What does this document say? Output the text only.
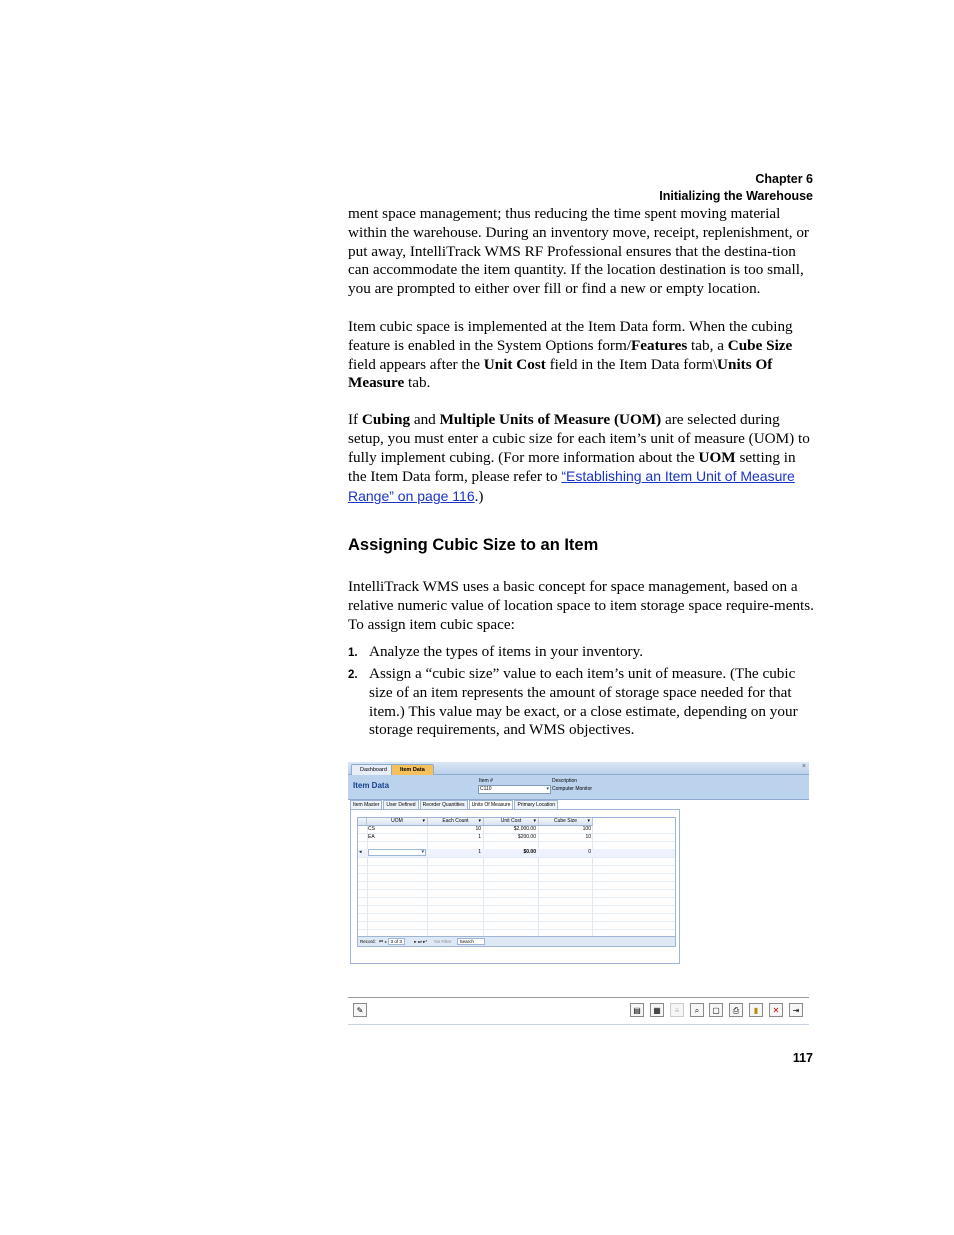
Chapter 6
Initializing the Warehouse
ment space management; thus reducing the time spent moving material within the warehouse. During an inventory move, receipt, replenishment, or put away, IntelliTrack WMS RF Professional ensures that the destina-tion can accommodate the item quantity. If the location destination is too small, you are prompted to either over fill or find a new or empty location.
Item cubic space is implemented at the Item Data form. When the cubing feature is enabled in the System Options form/Features tab, a Cube Size field appears after the Unit Cost field in the Item Data form\Units Of Measure tab.
If Cubing and Multiple Units of Measure (UOM) are selected during setup, you must enter a cubic size for each item’s unit of measure (UOM) to fully implement cubing. (For more information about the UOM setting in the Item Data form, please refer to “Establishing an Item Unit of Measure Range” on page 116.)
Assigning Cubic Size to an Item
IntelliTrack WMS uses a basic concept for space management, based on a relative numeric value of location space to item storage space require-ments. To assign item cubic space:
1. Analyze the types of items in your inventory.
2. Assign a “cubic size” value to each item’s unit of measure. (The cubic size of an item represents the amount of storage space needed for that item.) This value may be exact, or a close estimate, depending on your storage requirements, and WMS objectives.
Dashboard	Item Data	×
Item Data	Item #
C110	▾
Description
Computer Monitor
Item Master	User Defined	Reorder Quantities	Units Of Measure	Primary Location
UOM	▾	Each Count ▾	Unit Cost ▾	Cube Size ▾
CS	10	$2,000.00	100
EA	1	$200.00	10
◂	▾	1	$0.00	0
Record: ⏮ ◂ 3 of 3	▸ ⏭ ▸* No Filter Search
✎	▤	▦	≡	⌕	▢	⎙	▮	✕	⇥
117
